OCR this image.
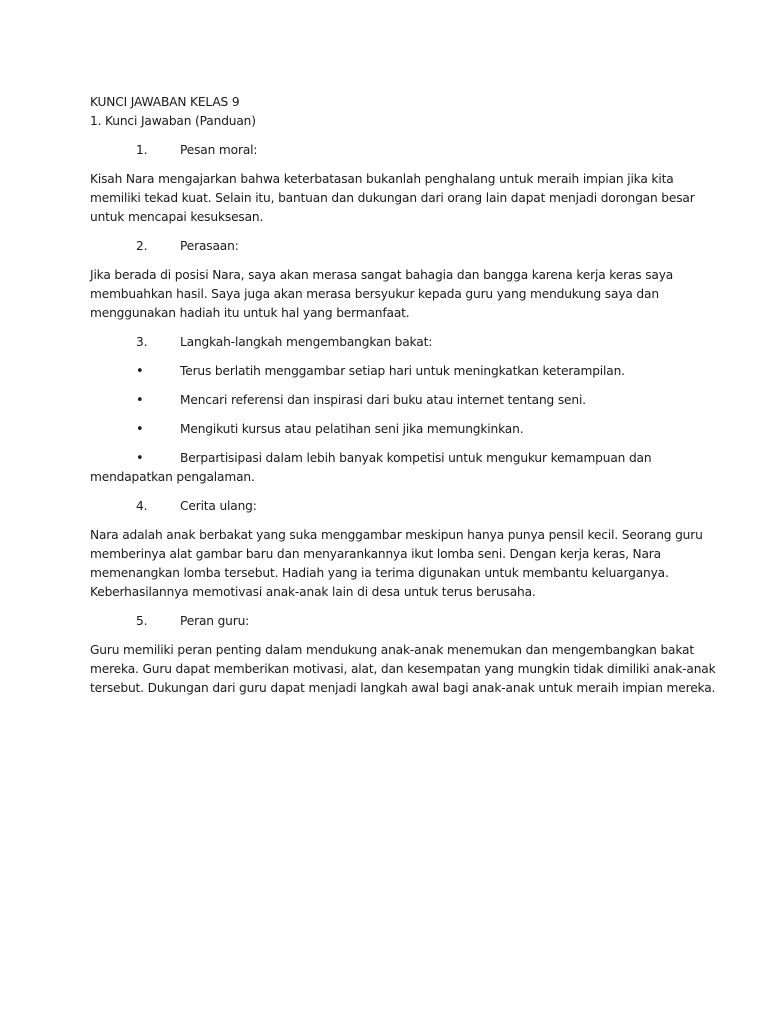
KUNCI JAWABAN KELAS 9

1. Kunci Jawaban (Panduan)

1.	Pesan moral:
Kisah Nara mengajarkan bahwa keterbatasan bukanlah penghalang untuk meraih impian jika kita
memiliki tekad kuat. Selain itu, bantuan dan dukungan dari orang lain dapat menjadi dorongan besar
untuk mencapai kesuksesan.
2.	Perasaan:
Jika berada di posisi Nara, saya akan merasa sangat bahagia dan bangga karena kerja keras saya
membuahkan hasil. Saya juga akan merasa bersyukur kepada guru yang mendukung saya dan
menggunakan hadiah itu untuk hal yang bermanfaat.
3.	Langkah-langkah mengembangkan bakat:
•	Terus berlatih menggambar setiap hari untuk meningkatkan keterampilan.
•	Mencari referensi dan inspirasi dari buku atau internet tentang seni.
•	Mengikuti kursus atau pelatihan seni jika memungkinkan.
•	Berpartisipasi dalam lebih banyak kompetisi untuk mengukur kemampuan dan
mendapatkan pengalaman.
4.	Cerita ulang:
Nara adalah anak berbakat yang suka menggambar meskipun hanya punya pensil kecil. Seorang guru
memberinya alat gambar baru dan menyarankannya ikut lomba seni. Dengan kerja keras, Nara
memenangkan lomba tersebut. Hadiah yang ia terima digunakan untuk membantu keluarganya.
Keberhasilannya memotivasi anak-anak lain di desa untuk terus berusaha.
5.	Peran guru:
Guru memiliki peran penting dalam mendukung anak-anak menemukan dan mengembangkan bakat
mereka. Guru dapat memberikan motivasi, alat, dan kesempatan yang mungkin tidak dimiliki anak-anak
tersebut. Dukungan dari guru dapat menjadi langkah awal bagi anak-anak untuk meraih impian mereka.
